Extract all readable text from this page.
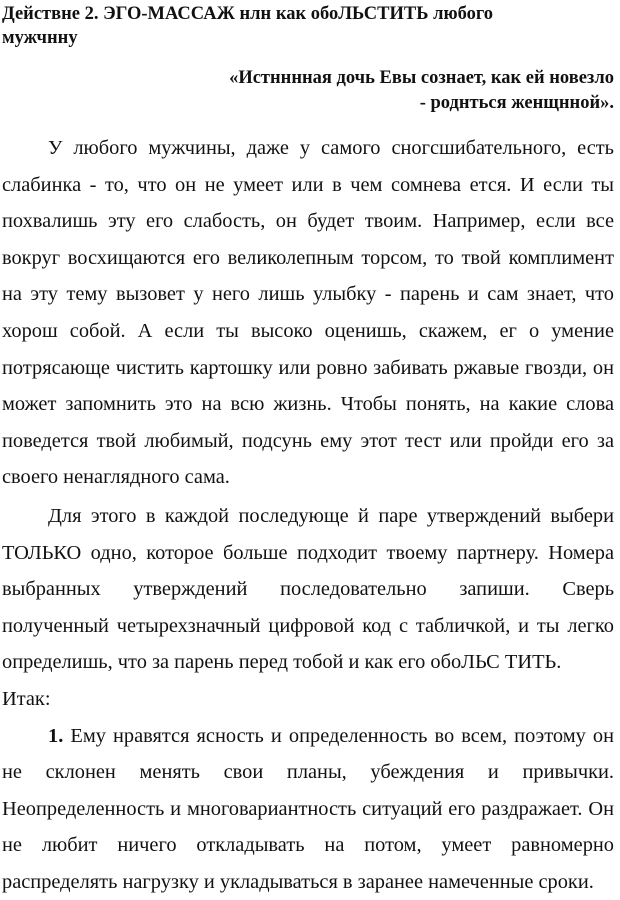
Действне 2. ЭГО-МАССАЖ нлн как обоЛЬСТИТЬ любого мужчнну
«Истнннная дочь Евы сознает, как ей новезло
- роднться женщнной».

У любого мужчины, даже у самого сногсшибательного, есть слабинка - то, что он не умеет или в чем сомнева ется. И если ты похвалишь эту его слабость, он будет твоим. Например, если все вокруг восхищаются его великолепным торсом, то твой комплимент на эту тему вызовет у него лишь улыбку - парень и сам знает, что хорош собой. А если ты высоко оценишь, скажем, ег о умение потрясающе чистить картошку или ровно забивать ржавые гвозди, он может запомнить это на всю жизнь. Чтобы понять, на какие слова поведется твой любимый, подсунь ему этот тест или пройди его за своего ненаглядного сама.

Для этого в каждой последующе й паре утверждений выбери ТОЛЬКО одно, которое больше подходит твоему партнеру. Номера выбранных утверждений последовательно запиши. Сверь полученный четырехзначный цифровой код с табличкой, и ты легко определишь, что за парень перед тобой и как его обоЛЬС ТИТЬ.

Итак:

1. Ему нравятся ясность и определенность во всем, поэтому он не склонен менять свои планы, убеждения и привычки. Неопределенность и многовариантность ситуаций его раздражает. Он не любит ничего откладывать на потом, умеет равномерно распределять нагрузку и укладываться в заранее намеченные сроки.
